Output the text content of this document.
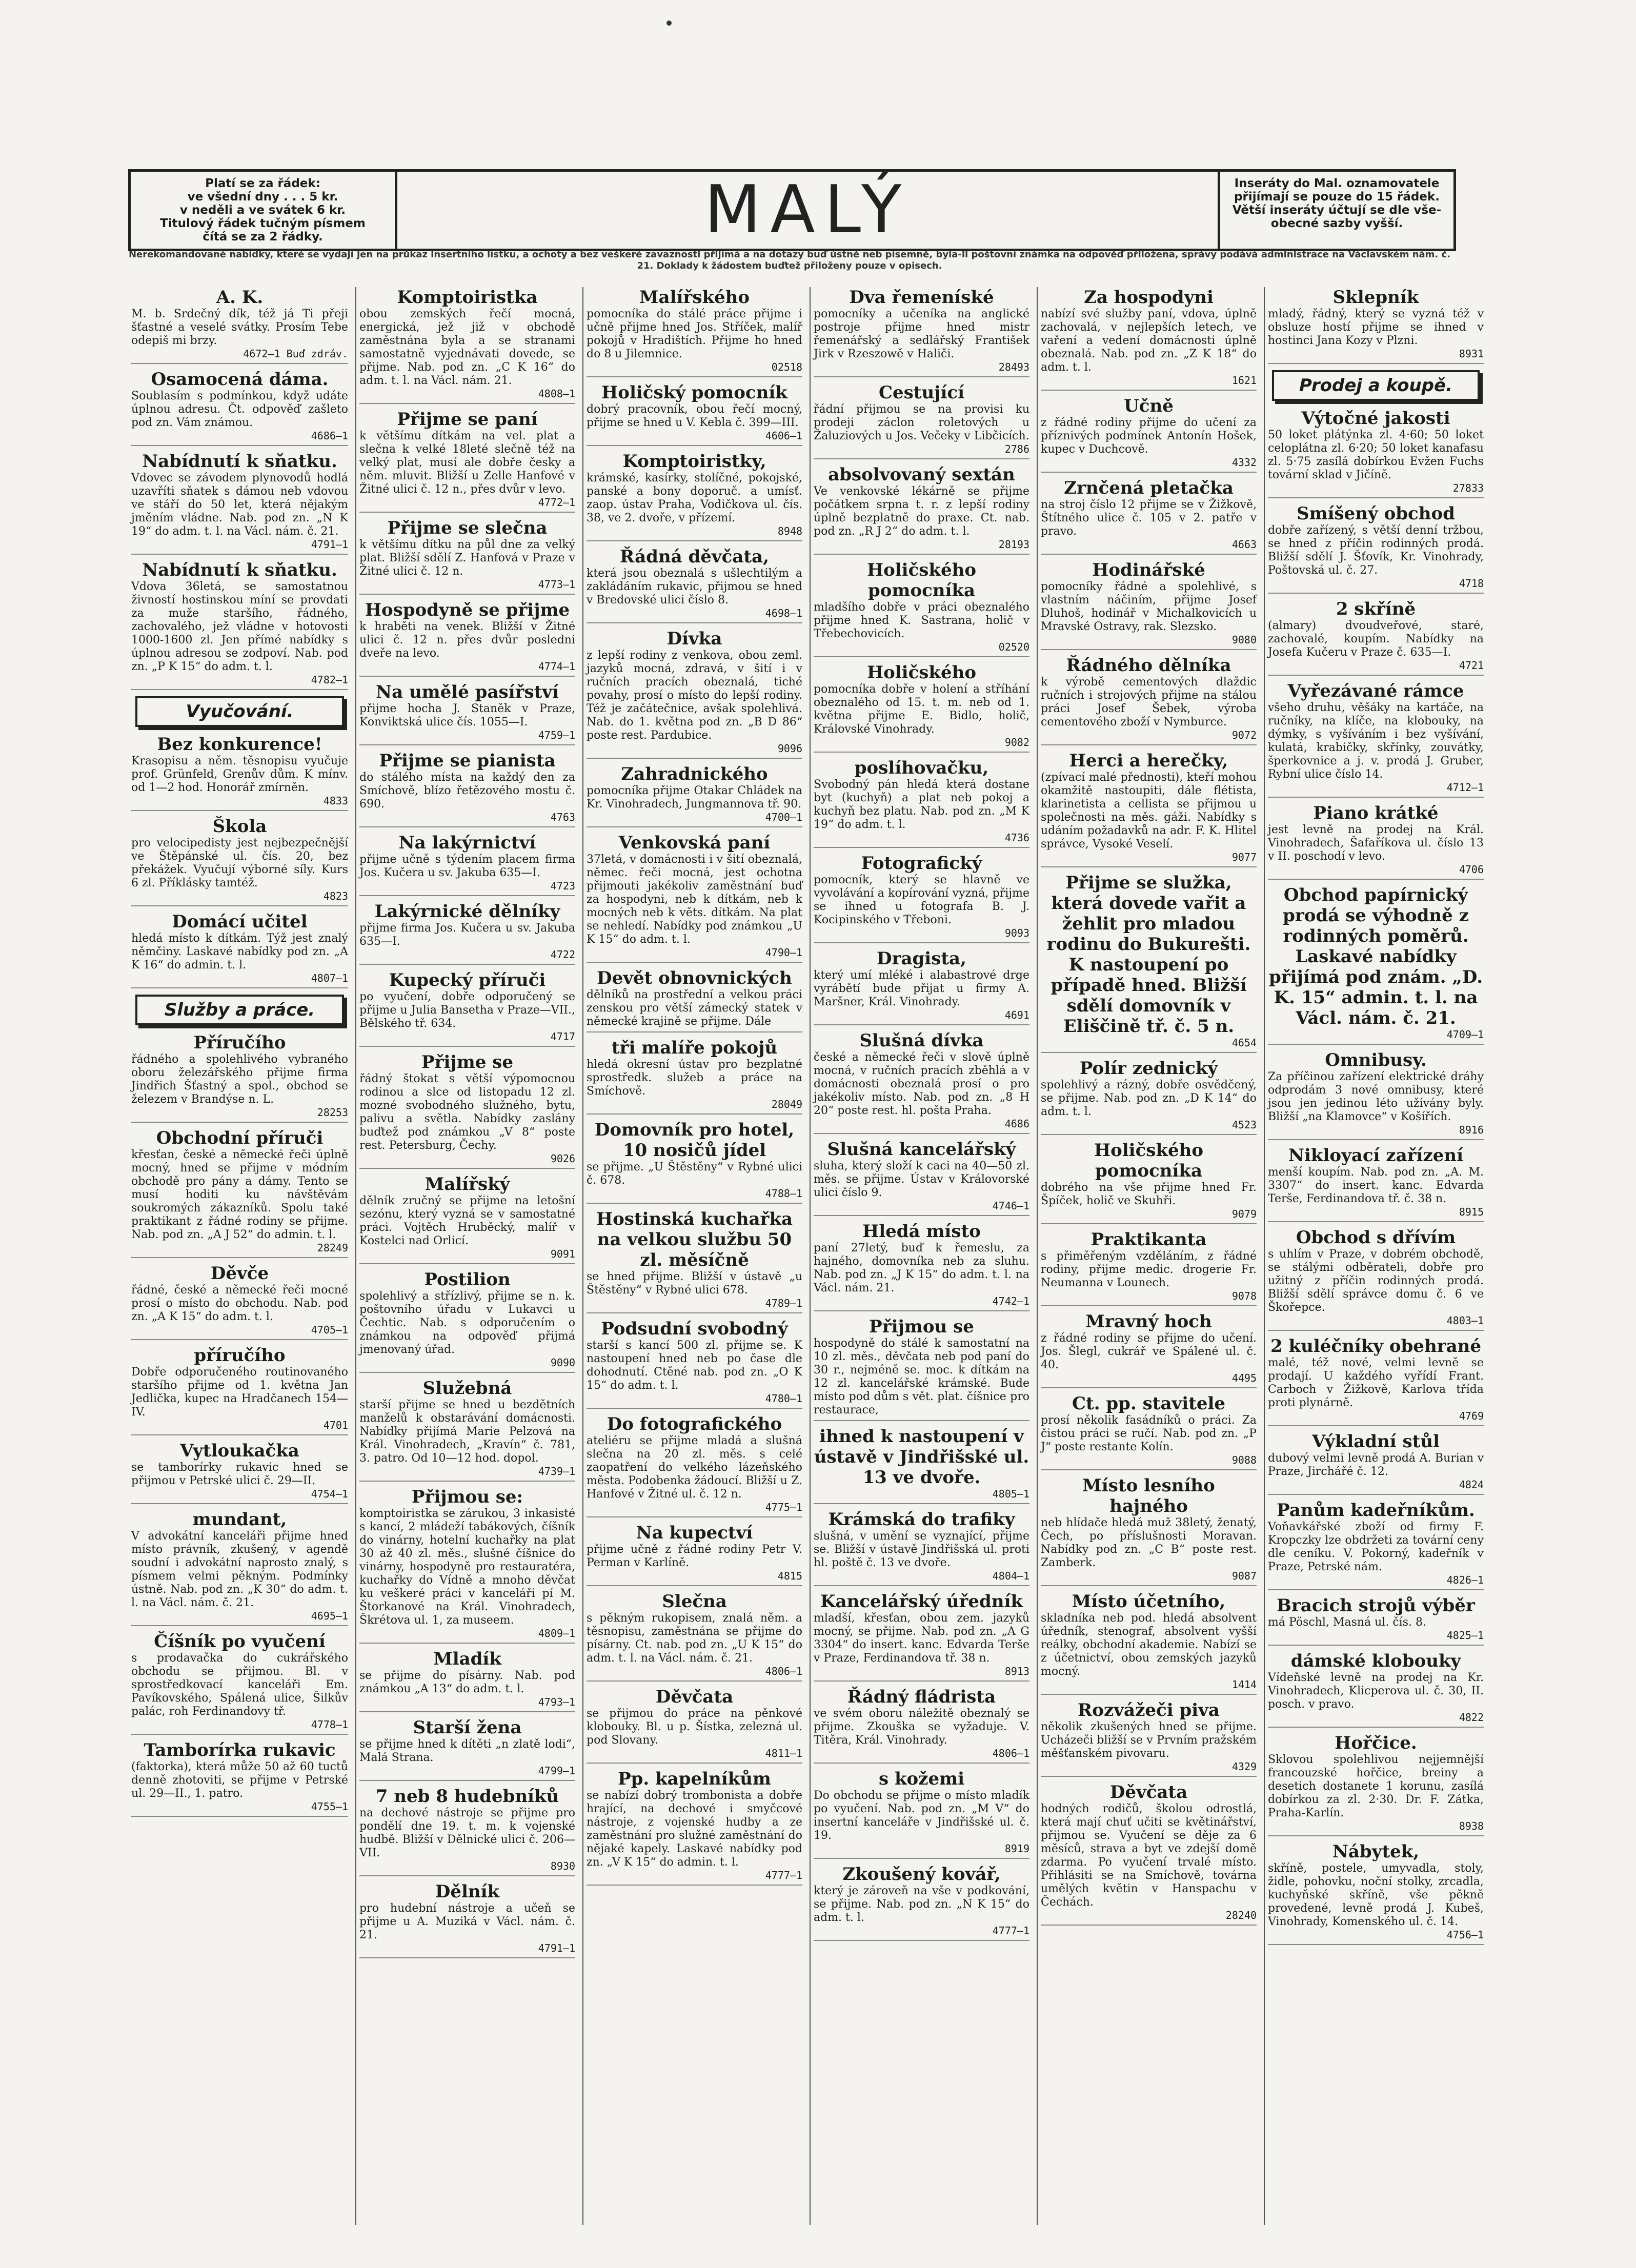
Platí se za řádek:
ve všední dny . . . 5 kr.
v neděli a ve svátek 6 kr.
Titulový řádek tučným písmem
čítá se za 2 řádky.	MALÝ	Inseráty do Mal. oznamovatele
přijímají se pouze do 15 řádek.
Větší inseráty účtují se dle vše-
obecné sazby vyšší.
Nerekomandované nabídky, které se vydají jen na průkaz insertního lístku, a ochoty a bez veškeré zavaznosti přijímá a na dotazy buď ústně neb písemně, byla-li poštovní známka na odpověď přiložena, správy podává administrace na Václavském nám. č. 21. Doklady k žádostem buďtež přiloženy pouze v opisech.
A. K.
M. b. Srdečný dík, též já Ti přeji šťastné a veselé svátky. Prosím Tebe odepiš mi brzy.
4672—1 Buď zdráv.
Osamocená dáma.
Soublasím s podmínkou, když udáte úplnou adresu. Čt. odpověď zašleto pod zn. Vám známou.
4686—1
Nabídnutí k sňatku.
Vdovec se závodem plynovodů hodlá uzavříti sňatek s dámou neb vdovou ve stáří do 50 let, která nějakým jměním vládne. Nab. pod zn. „N K 19“ do adm. t. l. na Václ. nám. č. 21.
4791—1
Nabídnutí k sňatku.
Vdova 36letá, se samostatnou živností hostinskou míní se provdati za muže staršího, řádného, zachovalého, jež vládne v hotovosti 1000-1600 zl. Jen přímé nabídky s úplnou adresou se zodpoví. Nab. pod zn. „P K 15“ do adm. t. l.
4782—1
Vyučování.
Bez konkurence!
Krasopisu a něm. těsnopisu vyučuje prof. Grünfeld, Grenův dům. K mínv. od 1—2 hod. Honorář zmírněn.
4833
Škola
pro velocipedisty jest nejbezpečnější ve Štěpánské ul. čís. 20, bez překážek. Vyučují výborné síly. Kurs 6 zl. Příklásky tamtéž.
4823
Domácí učitel
hledá místo k dítkám. Týž jest znalý němčiny. Laskavé nabídky pod zn. „A K 16“ do admin. t. l.
4807—1
Služby a práce.
Příručího
řádného a spolehlivého vybraného oboru železářského přijme firma Jindřich Šťastný a spol., obchod se železem v Brandýse n. L.
28253
Obchodní příruči
křesťan, české a německé řeči úplně mocný, hned se přijme v módním obchodě pro pány a dámy. Tento se musí hoditi ku návštěvám soukromých zákazníků. Spolu také praktikant z řádné rodiny se přijme. Nab. pod zn. „A J 52“ do admin. t. l.
28249
Děvče
řádné, české a německé řeči mocné prosí o místo do obchodu. Nab. pod zn. „A K 15“ do adm. t. l.
4705—1
příručího
Dobře odporučeného routinovaného staršího přijme od 1. května Jan Jedlička, kupec na Hradčanech 154—IV.
4701
Vytloukačka
se tamborírky rukavic hned se přijmou v Petrské ulici č. 29—II.
4754—1
mundant,
V advokátní kanceláři přijme hned místo právník, zkušený, v agendě soudní i advokátní naprosto znalý, s písmem velmi pěkným. Podmínky ústně. Nab. pod zn. „K 30“ do adm. t. l. na Václ. nám. č. 21.
4695—1
Číšník po vyučení
s prodavačka do cukrářského obchodu se přijmou. Bl. v sprostředkovací kanceláři Em. Pavíkovského, Spálená ulice, Šilkův palác, roh Ferdinandovy tř.
4778—1
Tamborírka rukavic
(faktorka), která může 50 až 60 tuctů denně zhotoviti, se přijme v Petrské ul. 29—II., 1. patro.
4755—1
Komptoiristka
obou zemských řečí mocná, energická, jež již v obchodě zaměstnána byla a se stranami samostatně vyjednávati dovede, se přijme. Nab. pod zn. „C K 16“ do adm. t. l. na Václ. nám. 21.
4808—1
Přijme se paní
k většímu dítkám na vel. plat a slečna k velké 18leté slečně též na velký plat, musí ale dobře česky a něm. mluvit. Bližší u Zelle Hanfové v Žitné ulici č. 12 n., přes dvůr v levo.
4772—1
Přijme se slečna
k většímu dítku na půl dne za velký plat. Bližší sdělí Z. Hanfová v Praze v Žitné ulici č. 12 n.
4773—1
Hospodyně se přijme
k hraběti na venek. Bližší v Žitné ulici č. 12 n. přes dvůr posledni dveře na levo.
4774—1
Na umělé pasířství
přijme hocha J. Staněk v Praze, Konviktská ulice čís. 1055—I.
4759—1
Přijme se pianista
do stálého místa na každý den za Smíchově, blízo řetězového mostu č. 690.
4763
Na lakýrnictví
přijme učně s týdením placem firma Jos. Kučera u sv. Jakuba 635—I.
4723
Lakýrnické dělníky
přijme firma Jos. Kučera u sv. Jakuba 635—I.
4722
Kupecký příruči
po vyučení, dobře odporučený se přijme u Julia Bansetha v Praze—VII., Bělského tř. 634.
4717
Přijme se
řádný štokat s větší výpomocnou rodinou a slce od listopadu 12 zl. mozné svobodného služného, bytu, palivu a světla. Nabídky zaslány buďtež pod známkou „V 8“ poste rest. Petersburg, Čechy.
9026
Malířský
dělník zručný se přijme na letošní sezónu, který vyzná se v samostatné práci. Vojtěch Hruběcký, malíř v Kostelci nad Orlicí.
9091
Postilion
spolehlivý a střízlivý, přijme se n. k. poštovního úřadu v Lukavci u Čechtic. Nab. s odporučením o známkou na odpověď přijmá jmenovaný úřad.
9090
Služebná
starší přijme se hned u bezdětních manželů k obstarávání domácnosti. Nabídky přijímá Marie Pelzová na Král. Vinohradech, „Kravín“ č. 781, 3. patro. Od 10—12 hod. dopol.
4739—1
Přijmou se:
komptoiristka se zárukou, 3 inkasisté s kancí, 2 mládeží tabákových, číšník do vinárny, hotelní kuchařky na plat 30 až 40 zl. měs., slušné číšnice do vinárny, hospodyně pro restauratéra, kuchařky do Vídně a mnoho děvčat ku veškeré práci v kanceláři pí M. Štorkanové na Král. Vinohradech, Škrétova ul. 1, za museem.
4809—1
Mladík
se přijme do písárny. Nab. pod známkou „A 13“ do adm. t. l.
4793—1
Starší žena
se přijme hned k dítěti „n zlatě lodi“, Malá Strana.
4799—1
7 neb 8 hudebníků
na dechové nástroje se přijme pro pondělí dne 19. t. m. k vojenské hudbě. Bližší v Dělnické ulici č. 206—VII.
8930
Dělník
pro hudební nástroje a učeň se přijme u A. Muziká v Václ. nám. č. 21.
4791—1
Malířského
pomocníka do stálé práce přijme i učně přijme hned Jos. Stříček, malíř pokojů v Hradištích. Přijme ho hned do 8 u Jilemnice.
02518
Holičský pomocník
dobrý pracovník, obou řečí mocný, přijme se hned u V. Kebla č. 399—III.
4606—1
Komptoiristky,
krámské, kasírky, stolíčné, pokojské, panské a bony doporuč. a umísť. zaop. ústav Praha, Vodičkova ul. čís. 38, ve 2. dvoře, v přízemí.
8948
Řádná děvčata,
která jsou obeznalá s ušlechtilým a zakládáním rukavic, přijmou se hned v Bredovské ulici číslo 8.
4698—1
Dívka
z lepší rodiny z venkova, obou zeml. jazyků mocná, zdravá, v šití i v ručních pracích obeznalá, tiché povahy, prosí o místo do lepší rodiny. Též je začátečnice, avšak spolehlivá. Nab. do 1. května pod zn. „B D 86“ poste rest. Pardubice.
9096
Zahradnického
pomocníka přijme Otakar Chládek na Kr. Vinohradech, Jungmannova tř. 90.
4700—1
Venkovská paní
37letá, v domácnosti i v šití obeznalá, němec. řeči mocná, jest ochotna přijmouti jakékoliv zaměstnání buď za hospodyni, neb k dítkám, neb k mocných neb k věts. dítkám. Na plat se nehledí. Nabídky pod známkou „U K 15“ do adm. t. l.
4790—1
Devět obnovnických
dělníků na prostřední a velkou práci zenskou pro větší zámecký statek v německé krajině se přijme. Dále
tři malíře pokojů
hledá okresní ústav pro bezplatné sprostředk. služeb a práce na Smíchově.
28049
Domovník pro hotel, 10 nosičů jídel
se přijme. „U Štěstěny“ v Rybné ulici č. 678.
4788—1
Hostinská kuchařka na velkou službu 50 zl. měsíčně
se hned přijme. Bližší v ústavě „u Štěstěny“ v Rybné ulici 678.
4789—1
Podsudní svobodný
starší s kancí 500 zl. přijme se. K nastoupení hned neb po čase dle dohodnutí. Ctěné nab. pod zn. „O K 15“ do adm. t. l.
4780—1
Do fotografického
ateliéru se přijme mladá a slušná slečna na 20 zl. měs. s celé zaopatření do velkého lázeňského města. Podobenka žádoucí. Bližší u Z. Hanfové v Žitné ul. č. 12 n.
4775—1
Na kupectví
přijme učně z řádné rodiny Petr V. Perman v Karlíně.
4815
Slečna
s pěkným rukopisem, znalá něm. a těsnopisu, zaměstnána se přijme do písárny. Ct. nab. pod zn. „U K 15“ do adm. t. l. na Václ. nám. č. 21.
4806—1
Děvčata
se přijmou do práce na pěnkové klobouky. Bl. u p. Šístka, zelezná ul. pod Slovany.
4811—1
Pp. kapelníkům
se nabízí dobrý trombonista a dobře hrající, na dechové i smyčcové nástroje, z vojenské hudby a ze zaměstnání pro služné zaměstnání do nějaké kapely. Laskavé nabídky pod zn. „V K 15“ do admin. t. l.
4777—1
Dva řemeníské
pomocníky a učeníka na anglické postroje přijme hned mistr řemenářský a sedlářský František Jirk v Rzeszowě v Haliči.
28493
Cestující
řádní přijmou se na provisi ku prodeji záclon roletových u Žaluziových u Jos. Večeky v Libčicích.
2786
absolvovaný sextán
Ve venkovské lékárně se přijme počátkem srpna t. r. z lepší rodiny úplně bezplatně do praxe. Ct. nab. pod zn. „R J 2“ do adm. t. l.
28193
Holičského pomocníka
mladšího dobře v práci obeznalého přijme hned K. Sastrana, holič v Třebechovicích.
02520
Holičského
pomocníka dobře v holení a stříhání obeznalého od 15. t. m. neb od 1. května přijme E. Bidlo, holič, Královské Vinohrady.
9082
poslíhovačku,
Svobodný pán hledá která dostane byt (kuchyň) a plat neb pokoj a kuchyň bez platu. Nab. pod zn. „M K 19“ do adm. t. l.
4736
Fotografický
pomocník, který se hlavně ve vyvolávání a kopírování vyzná, přijme se ihned u fotografa B. J. Kocipinského v Třeboni.
9093
Dragista,
který umí mléké i alabastrové drge vyrábětí bude přijat u firmy A. Maršner, Král. Vinohrady.
4691
Slušná dívka
české a německé řeči v slově úplně mocná, v ručních pracích zběhlá a v domácnosti obeznalá prosí o pro jakékoliv místo. Nab. pod zn. „8 H 20“ poste rest. hl. pošta Praha.
4686
Slušná kancelářský
sluha, který složí k caci na 40—50 zl. měs. se přijme. Ústav v Královorské ulici číslo 9.
4746—1
Hledá místo
paní 27letý, buď k řemeslu, za hajného, domovníka neb za sluhu. Nab. pod zn. „J K 15“ do adm. t. l. na Václ. nám. 21.
4742—1
Přijmou se
hospodyně do stálé k samostatní na 10 zl. měs., děvčata neb pod paní do 30 r., nejméně se. moc. k dítkám na 12 zl. kancelářské krámské. Bude místo pod dům s vět. plat. číšnice pro restaurace,
ihned k nastoupení v ústavě v Jindřišské ul. 13 ve dvoře.
4805—1
Krámská do trafiky
slušná, v umění se vyznající, přijme se. Bližší v ústavě Jindřišská ul. proti hl. poště č. 13 ve dvoře.
4804—1
Kancelářský úředník
mladší, křesťan, obou zem. jazyků mocný, se přijme. Nab. pod zn. „A G 3304“ do insert. kanc. Edvarda Terše v Praze, Ferdinandova tř. 38 n.
8913
Řádný fládrista
ve svém oboru náležitě obeznalý se přijme. Zkouška se vyžaduje. V. Titěra, Král. Vinohrady.
4806—1
s kožemi
Do obchodu se přijme o místo mladík po vyučení. Nab. pod zn. „M V“ do insertní kanceláře v Jindřišské ul. č. 19.
8919
Zkoušený kovář,
který je zároveň na vše v podkování, se přijme. Nab. pod zn. „N K 15“ do adm. t. l.
4777—1
Za hospodyni
nabízí své služby paní, vdova, úplně zachovalá, v nejlepších letech, ve vaření a vedení domácnosti úplně obeznalá. Nab. pod zn. „Z K 18“ do adm. t. l.
1621
Učně
z řádné rodiny přijme do učení za příznivých podmínek Antonín Hošek, kupec v Duchcově.
4332
Zrnčená pletačka
na stroj číslo 12 přijme se v Žižkově, Štítného ulice č. 105 v 2. patře v pravo.
4663
Hodinářské
pomocníky řádné a spolehlivé, s vlastním náčiním, přijme Josef Dluhoš, hodinář v Michalkovicích u Mravské Ostravy, rak. Slezsko.
9080
Řádného dělníka
k výrobě cementových dlaždic ručních i strojových přijme na stálou práci Josef Šebek, výroba cementového zboží v Nymburce.
9072
Herci a herečky,
(zpívací malé přednosti), kteří mohou okamžitě nastoupiti, dále flétista, klarinetista a cellista se přijmou u společnosti na měs. gáži. Nabídky s udáním požadavků na adr. F. K. Hlitel správce, Vysoké Veselí.
9077
Přijme se služka, která dovede vařit a žehlit pro mladou rodinu do Bukurešti. K nastoupení po případě hned. Bližší sdělí domovník v Eliščině tř. č. 5 n.
4654
Polír zednický
spolehlivý a rázný, dobře osvědčený, se přijme. Nab. pod zn. „D K 14“ do adm. t. l.
4523
Holičského pomocníka
dobrého na vše přijme hned Fr. Špíček, holič ve Skuhři.
9079
Praktikanta
s přiměřeným vzděláním, z řádné rodiny, přijme medic. drogerie Fr. Neumanna v Lounech.
9078
Mravný hoch
z řádné rodiny se přijme do učení. Jos. Šlegl, cukrář ve Spálené ul. č. 40.
4495
Ct. pp. stavitele
prosí několik fasádníků o práci. Za čistou práci se ručí. Nab. pod zn. „P J“ poste restante Kolín.
9088
Místo lesního hajného
neb hlídače hledá muž 38letý, ženatý, Čech, po příslušnosti Moravan. Nabídky pod zn. „C B“ poste rest. Zamberk.
9087
Místo účetního,
skladníka neb pod. hledá absolvent úředník, stenograf, absolvent vyšší reálky, obchodní akademie. Nabízí se z účetnictví, obou zemských jazyků mocný.
1414
Rozvážeči piva
několik zkušených hned se přijme. Ucházeči bližší se v Prvním pražském měšťanském pivovaru.
4329
Děvčata
hodných rodičů, školou odrostlá, která mají chuť učiti se květinářství, přijmou se. Vyučení se děje za 6 měsíců, strava a byt ve zdejší domě zdarma. Po vyučení trvalé místo. Přihlásiti se na Smíchově, továrna umělých květin v Hanspachu v Čechách.
28240
Sklepník
mladý, řádný, který se vyzná též v obsluze hostí přijme se ihned v hostinci Jana Kozy v Plzni.
8931
Prodej a koupě.
Výtočné jakosti
50 loket plátýnka zl. 4·60; 50 loket celoplátna zl. 6·20; 50 loket kanafasu zl. 5·75 zasílá dobírkou Evžen Fuchs tovární sklad v Jičíně.
27833
Smíšený obchod
dobře zařízený, s větší denní tržbou, se hned z příčin rodinných prodá. Bližší sdělí J. Šťovík, Kr. Vinohrady, Poštovská ul. č. 27.
4718
2 skříně
(almary) dvoudveřové, staré, zachovalé, koupím. Nabídky na Josefa Kučeru v Praze č. 635—I.
4721
Vyřezávané rámce
všeho druhu, věšáky na kartáče, na ručníky, na klíče, na klobouky, na dýmky, s vyšíváním i bez vyšívání, kulatá, krabičky, skřínky, zouvátky, šperkovnice a j. v. prodá J. Gruber, Rybní ulice číslo 14.
4712—1
Piano krátké
jest levně na prodej na Král. Vinohradech, Šafaříkova ul. číslo 13 v II. poschodí v levo.
4706
Obchod papírnický prodá se výhodně z rodinných poměrů. Laskavé nabídky přijímá pod znám. „D. K. 15“ admin. t. l. na Václ. nám. č. 21.
4709—1
Omnibusy.
Za příčinou zařízení elektrické dráhy odprodám 3 nové omnibusy, které jsou jen jedinou léto užívány byly. Bližší „na Klamovce“ v Košířích.
8916
Nikloyací zařízení
menší koupím. Nab. pod zn. „A. M. 3307“ do insert. kanc. Edvarda Terše, Ferdinandova tř. č. 38 n.
8915
Obchod s dřívím
s uhlím v Praze, v dobrém obchodě, se stálými odběrateli, dobře pro užitný z příčin rodinných prodá. Bližší sdělí správce domu č. 6 ve Škořepce.
4803—1
2 kuléčníky obehrané
malé, též nové, velmi levně se prodají. U každého vyřídí Frant. Carboch v Žižkově, Karlova třída proti plynárně.
4769
Výkladní stůl
dubový velmi levně prodá A. Burian v Praze, Jirchářé č. 12.
4824
Panům kadeřníkům.
Voňavkářské zboží od firmy F. Kropczky lze obdržeti za tovární ceny dle ceníku. V. Pokorný, kadeřník v Praze, Petrské nám.
4826—1
Bracich strojů výběr
má Pöschl, Masná ul. čís. 8.
4825—1
dámské klobouky
Vídeňské levně na prodej na Kr. Vinohradech, Klicperova ul. č. 30, II. posch. v pravo.
4822
Hořčice.
Sklovou spolehlivou nejjemnější francouzské hořčice, breiny a desetich dostanete 1 korunu, zasílá dobírkou za zl. 2·30. Dr. F. Zátka, Praha-Karlín.
8938
Nábytek,
skříně, postele, umyvadla, stoly, židle, pohovku, noční stolky, zrcadla, kuchyňské skříně, vše pěkně provedené, levně prodá J. Kubeš, Vinohrady, Komenského ul. č. 14.
4756—1
